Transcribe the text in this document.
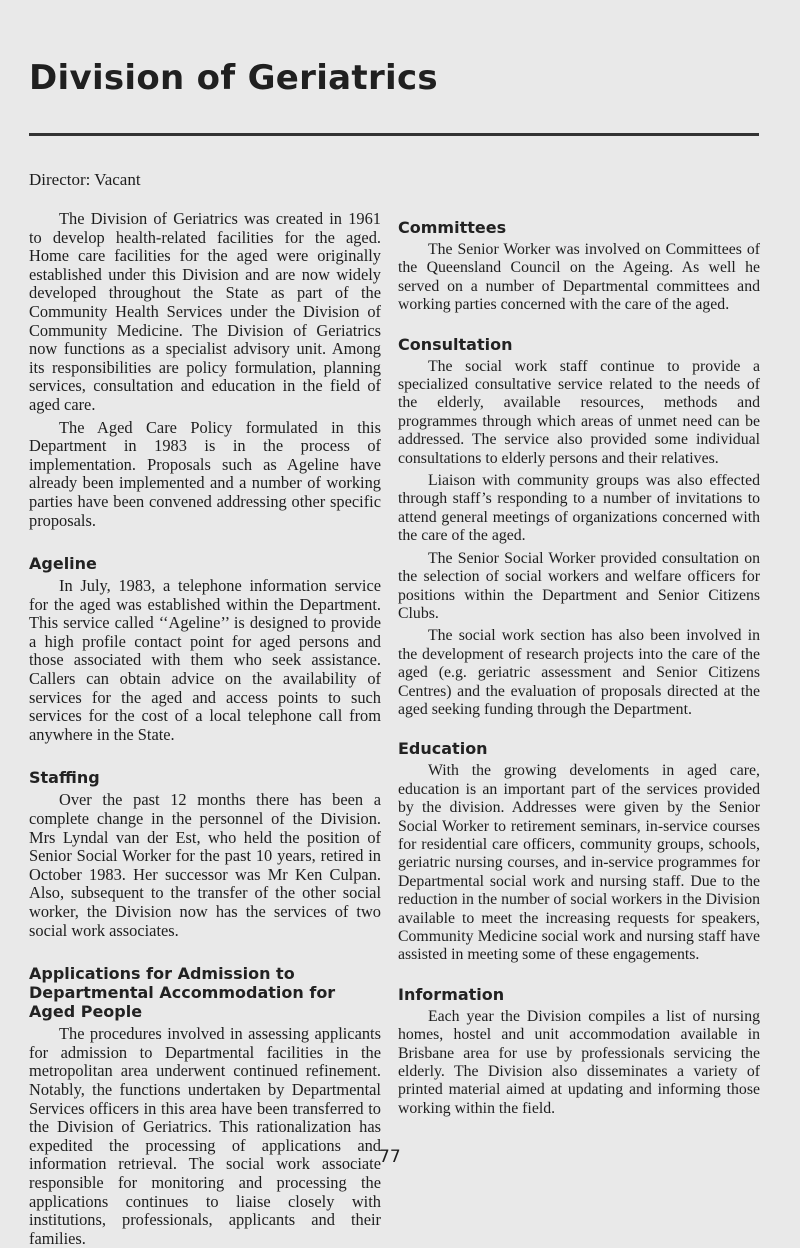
Division of Geriatrics

Director: Vacant

The Division of Geriatrics was created in 1961 to develop health-related facilities for the aged. Home care facilities for the aged were originally established under this Division and are now widely developed throughout the State as part of the Community Health Services under the Division of Community Medicine. The Division of Geriatrics now functions as a specialist advisory unit. Among its responsibilities are policy formulation, planning services, consultation and education in the field of aged care.

The Aged Care Policy formulated in this Department in 1983 is in the process of implementation. Proposals such as Ageline have already been implemented and a number of working parties have been convened addressing other specific proposals.

Ageline

In July, 1983, a telephone information service for the aged was established within the Department. This service called ‘‘Ageline’’ is designed to provide a high profile contact point for aged persons and those associated with them who seek assistance. Callers can obtain advice on the availability of services for the aged and access points to such services for the cost of a local telephone call from anywhere in the State.

Staffing

Over the past 12 months there has been a complete change in the personnel of the Division. Mrs Lyndal van der Est, who held the position of Senior Social Worker for the past 10 years, retired in October 1983. Her successor was Mr Ken Culpan. Also, subsequent to the transfer of the other social worker, the Division now has the services of two social work associates.

Applications for Admission to Departmental Accommodation for Aged People

The procedures involved in assessing applicants for admission to Departmental facilities in the metropolitan area underwent continued refinement. Notably, the functions undertaken by Departmental Services officers in this area have been transferred to the Division of Geriatrics. This rationalization has expedited the processing of applications and information retrieval. The social work associate responsible for monitoring and processing the applications continues to liaise closely with institutions, professionals, applicants and their families.

Committees

The Senior Worker was involved on Committees of the Queensland Council on the Ageing. As well he served on a number of Departmental committees and working parties concerned with the care of the aged.

Consultation

The social work staff continue to provide a specialized consultative service related to the needs of the elderly, available resources, methods and programmes through which areas of unmet need can be addressed. The service also provided some individual consultations to elderly persons and their relatives.

Liaison with community groups was also effected through staff’s responding to a number of invitations to attend general meetings of organizations concerned with the care of the aged.

The Senior Social Worker provided consultation on the selection of social workers and welfare officers for positions within the Department and Senior Citizens Clubs.

The social work section has also been involved in the development of research projects into the care of the aged (e.g. geriatric assessment and Senior Citizens Centres) and the evaluation of proposals directed at the aged seeking funding through the Department.

Education

With the growing develoments in aged care, education is an important part of the services provided by the division. Addresses were given by the Senior Social Worker to retirement seminars, in-service courses for residential care officers, community groups, schools, geriatric nursing courses, and in-service programmes for Departmental social work and nursing staff. Due to the reduction in the number of social workers in the Division available to meet the increasing requests for speakers, Community Medicine social work and nursing staff have assisted in meeting some of these engagements.

Information

Each year the Division compiles a list of nursing homes, hostel and unit accommodation available in Brisbane area for use by professionals servicing the elderly. The Division also disseminates a variety of printed material aimed at updating and informing those working within the field.

77
